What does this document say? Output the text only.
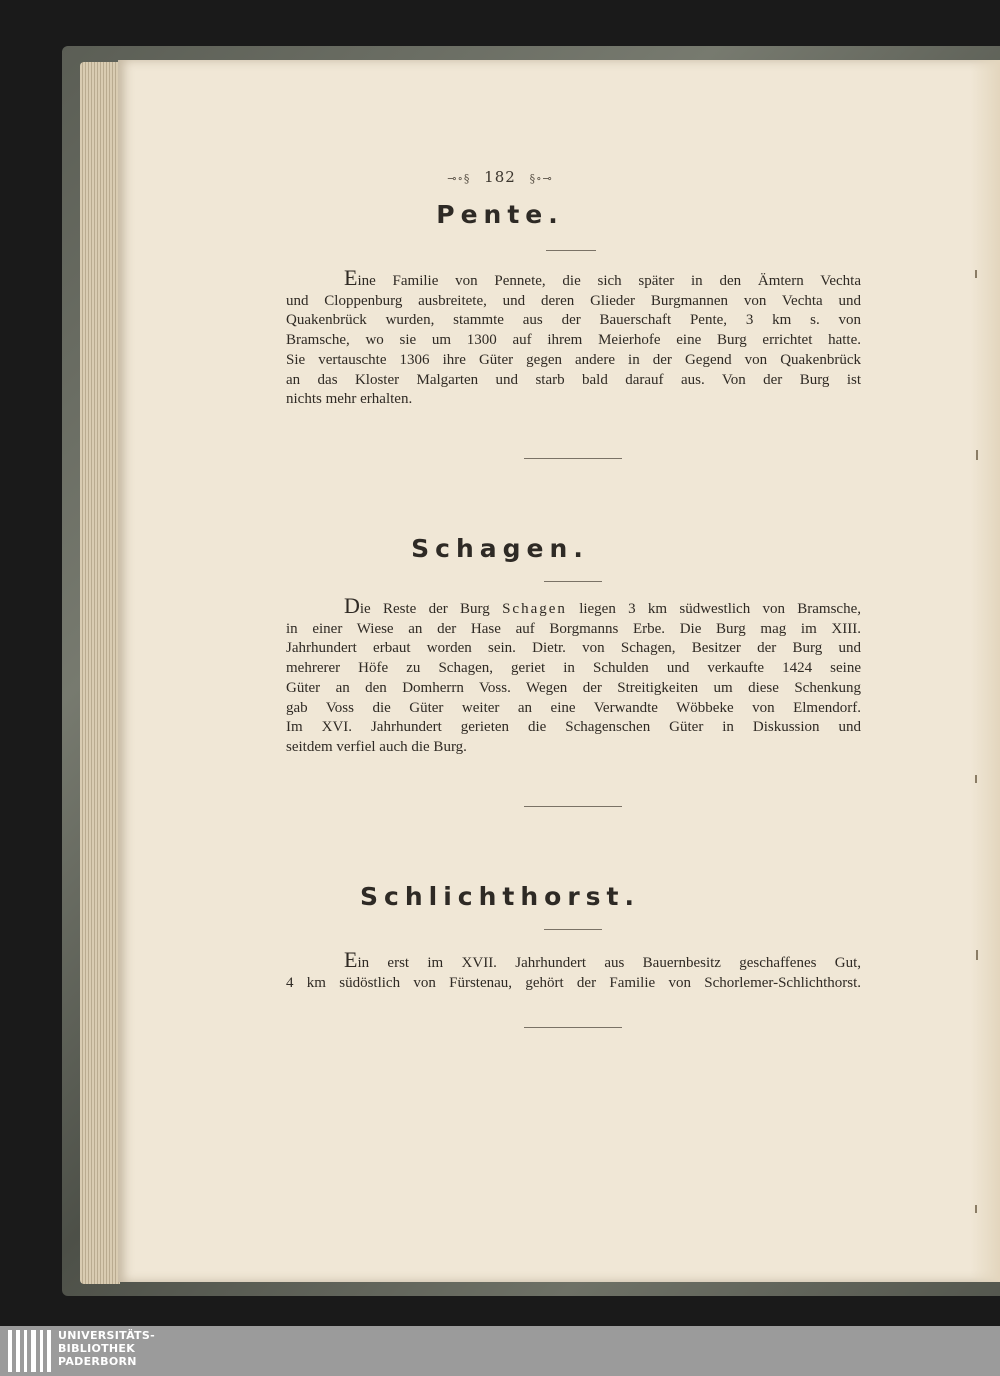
⊸∘§ 182 §∘⊸
Pente.
Eine Familie von Pennete, die sich später in den Ämtern Vechta
und Cloppenburg ausbreitete, und deren Glieder Burgmannen von Vechta und
Quakenbrück wurden, stammte aus der Bauerschaft Pente, 3 km s. von
Bramsche, wo sie um 1300 auf ihrem Meierhofe eine Burg errichtet hatte.
Sie vertauschte 1306 ihre Güter gegen andere in der Gegend von Quakenbrück
an das Kloster Malgarten und starb bald darauf aus. Von der Burg ist
nichts mehr erhalten.
Schagen.
Die Reste der Burg Schagen liegen 3 km südwestlich von Bramsche,
in einer Wiese an der Hase auf Borgmanns Erbe. Die Burg mag im XIII.
Jahrhundert erbaut worden sein. Dietr. von Schagen, Besitzer der Burg und
mehrerer Höfe zu Schagen, geriet in Schulden und verkaufte 1424 seine
Güter an den Domherrn Voss. Wegen der Streitigkeiten um diese Schenkung
gab Voss die Güter weiter an eine Verwandte Wöbbeke von Elmendorf.
Im XVI. Jahrhundert gerieten die Schagenschen Güter in Diskussion und
seitdem verfiel auch die Burg.
Schlichthorst.
Ein erst im XVII. Jahrhundert aus Bauernbesitz geschaffenes Gut,
4 km südöstlich von Fürstenau, gehört der Familie von Schorlemer-Schlichthorst.
UNIVERSITÄTS-
BIBLIOTHEK
PADERBORN
